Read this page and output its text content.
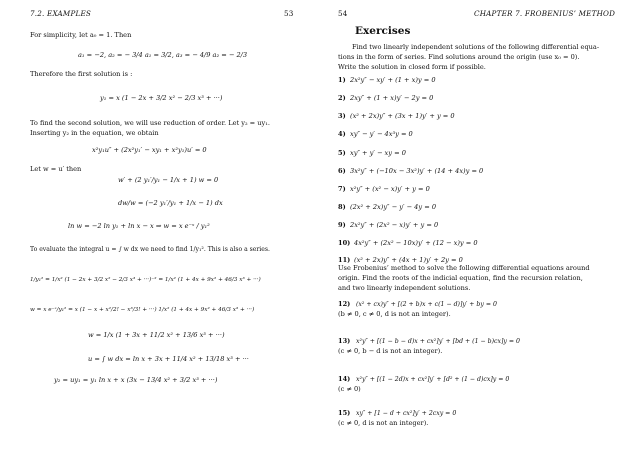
7.2. EXAMPLES	53
For simplicity, let a₀ = 1. Then
a₁ = −2, a₂ = − 3/4 a₁ = 3/2, a₃ = − 4/9 a₂ = − 2/3
Therefore the first solution is :
y₁ = x (1 − 2x + 3/2 x² − 2/3 x³ + ···)
To find the second solution, we will use reduction of order. Let y₂ = uy₁.
Inserting y₂ in the equation, we obtain
x²y₁u″ + (2x²y₁′ − xy₁ + x²y₁)u′ = 0
Let w = u′ then
w′ + (2 y₁′/y₁ − 1/x + 1) w = 0
dw/w = (−2 y₁′/y₁ + 1/x − 1) dx
ln w = −2 ln y₁ + ln x − x ⇒ w = x e⁻ˣ / y₁²
To evaluate the integral u = ∫ w dx we need to find 1/y₁². This is also a series.
1/y₁² = 1/x² (1 − 2x + 3/2 x² − 2/3 x³ + ···)⁻² = 1/x² (1 + 4x + 9x² + 46/3 x³ + ···)
w = x e⁻ˣ/y₁² = x (1 − x + x²/2! − x³/3! + ···) 1/x² (1 + 4x + 9x² + 46/3 x³ + ···)
w = 1/x (1 + 3x + 11/2 x² + 13/6 x³ + ···)
u = ∫ w dx = ln x + 3x + 11/4 x² + 13/18 x³ + ···
y₂ = uy₁ = y₁ ln x + x (3x − 13/4 x² + 3/2 x³ + ···)
54	CHAPTER 7. FROBENIUS’ METHOD
Exercises
Find two linearly independent solutions of the following differential equa-
tions in the form of series. Find solutions around the origin (use x₀ = 0).
Write the solution in closed form if possible.
1) 2x²y″ − xy′ + (1 + x)y = 0
2) 2xy″ + (1 + x)y′ − 2y = 0
3) (x² + 2x)y″ + (3x + 1)y′ + y = 0
4) xy″ − y′ − 4x³y = 0
5) xy″ + y′ − xy = 0
6) 3x²y″ + (−10x − 3x²)y′ + (14 + 4x)y = 0
7) x²y″ + (x² − x)y′ + y = 0
8) (2x² + 2x)y″ − y′ − 4y = 0
9) 2x²y″ + (2x² − x)y′ + y = 0
10) 4x²y″ + (2x² − 10x)y′ + (12 − x)y = 0
11) (x² + 2x)y″ + (4x + 1)y′ + 2y = 0
Use Frobenius’ method to solve the following differential equations around
origin. Find the roots of the indicial equation, find the recursion relation,
and two linearly independent solutions.
12) (x² + cx)y″ + [(2 + b)x + c(1 − d)]y′ + by = 0
(b ≠ 0, c ≠ 0, d is not an integer).
13) x²y″ + [(1 − b − d)x + cx²]y′ + [bd + (1 − b)cx]y = 0
(c ≠ 0, b − d is not an integer).
14) x²y″ + [(1 − 2d)x + cx²]y′ + [d² + (1 − d)cx]y = 0
(c ≠ 0)
15) xy″ + [1 − d + cx²]y′ + 2cxy = 0
(c ≠ 0, d is not an integer).
